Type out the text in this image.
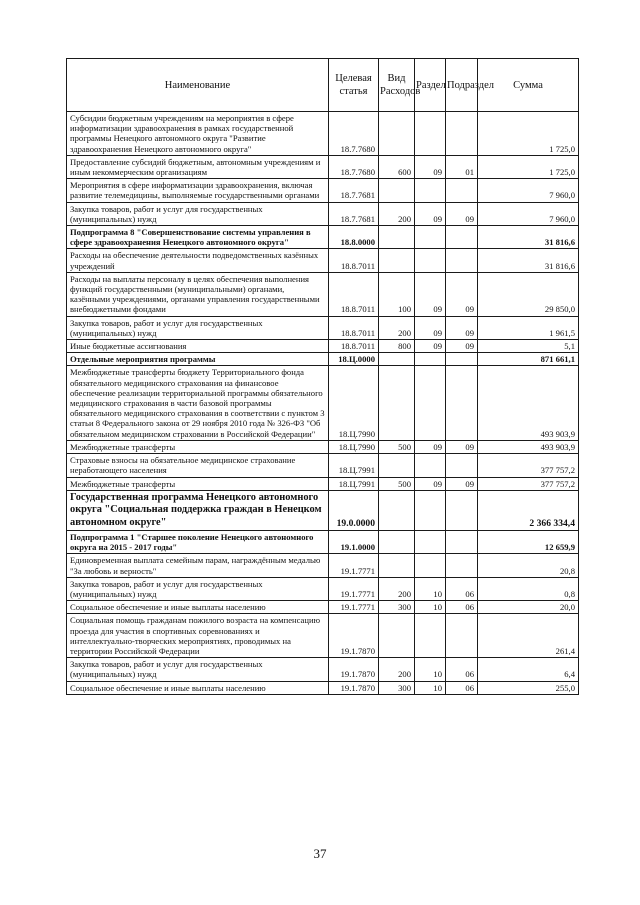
Наименование	Целевая статья	Вид Расходов	Раздел	Подраздел	Сумма
Субсидии бюджетным учреждениям на мероприятия в сфере информатизации здравоохранения в рамках государственной программы Ненецкого автономного округа "Развитие здравоохранения Ненецкого автономного округа"	18.7.7680				1 725,0
Предоставление субсидий бюджетным, автономным учреждениям и иным некоммерческим организациям	18.7.7680	600	09	01	1 725,0
Мероприятия в сфере информатизации здравоохранения, включая развитие телемедицины, выполняемые государственными органами	18.7.7681				7 960,0
Закупка товаров, работ и услуг для государственных (муниципальных) нужд	18.7.7681	200	09	09	7 960,0
Подпрограмма 8 "Совершенствование системы управления в сфере здравоохранения Ненецкого автономного округа"	18.8.0000				31 816,6
Расходы на обеспечение деятельности подведомственных казённых учреждений	18.8.7011				31 816,6
Расходы на выплаты персоналу в целях обеспечения выполнения функций государственными (муниципальными) органами, казёнными учреждениями, органами управления государственными внебюджетными фондами	18.8.7011	100	09	09	29 850,0
Закупка товаров, работ и услуг для государственных (муниципальных) нужд	18.8.7011	200	09	09	1 961,5
Иные бюджетные ассигнования	18.8.7011	800	09	09	5,1
Отдельные мероприятия программы	18.Ц.0000				871 661,1
Межбюджетные трансферты бюджету Территориального фонда обязательного медицинского страхования на финансовое обеспечение реализации территориальной программы обязательного медицинского страхования в части базовой программы обязательного медицинского страхования в соответствии с пунктом 3 статьи 8 Федерального закона от 29 ноября 2010 года № 326-ФЗ "Об обязательном медицинском страховании в Российской Федерации"	18.Ц.7990				493 903,9
Межбюджетные трансферты	18.Ц.7990	500	09	09	493 903,9
Страховые взносы на обязательное медицинское страхование неработающего населения	18.Ц.7991				377 757,2
Межбюджетные трансферты	18.Ц.7991	500	09	09	377 757,2
Государственная программа Ненецкого автономного округа "Социальная поддержка граждан в Ненецком автономном округе"	19.0.0000				2 366 334,4
Подпрограмма 1 "Старшее поколение Ненецкого автономного округа на 2015 - 2017 годы"	19.1.0000				12 659,9
Единовременная выплата семейным парам, награждённым медалью "За любовь и верность"	19.1.7771				20,8
Закупка товаров, работ и услуг для государственных (муниципальных) нужд	19.1.7771	200	10	06	0,8
Социальное обеспечение и иные выплаты населению	19.1.7771	300	10	06	20,0
Социальная помощь гражданам пожилого возраста на компенсацию проезда для участия в спортивных соревнованиях и интеллектуально-творческих мероприятиях, проводимых на территории Российской Федерации	19.1.7870				261,4
Закупка товаров, работ и услуг для государственных (муниципальных) нужд	19.1.7870	200	10	06	6,4
Социальное обеспечение и иные выплаты населению	19.1.7870	300	10	06	255,0
37
